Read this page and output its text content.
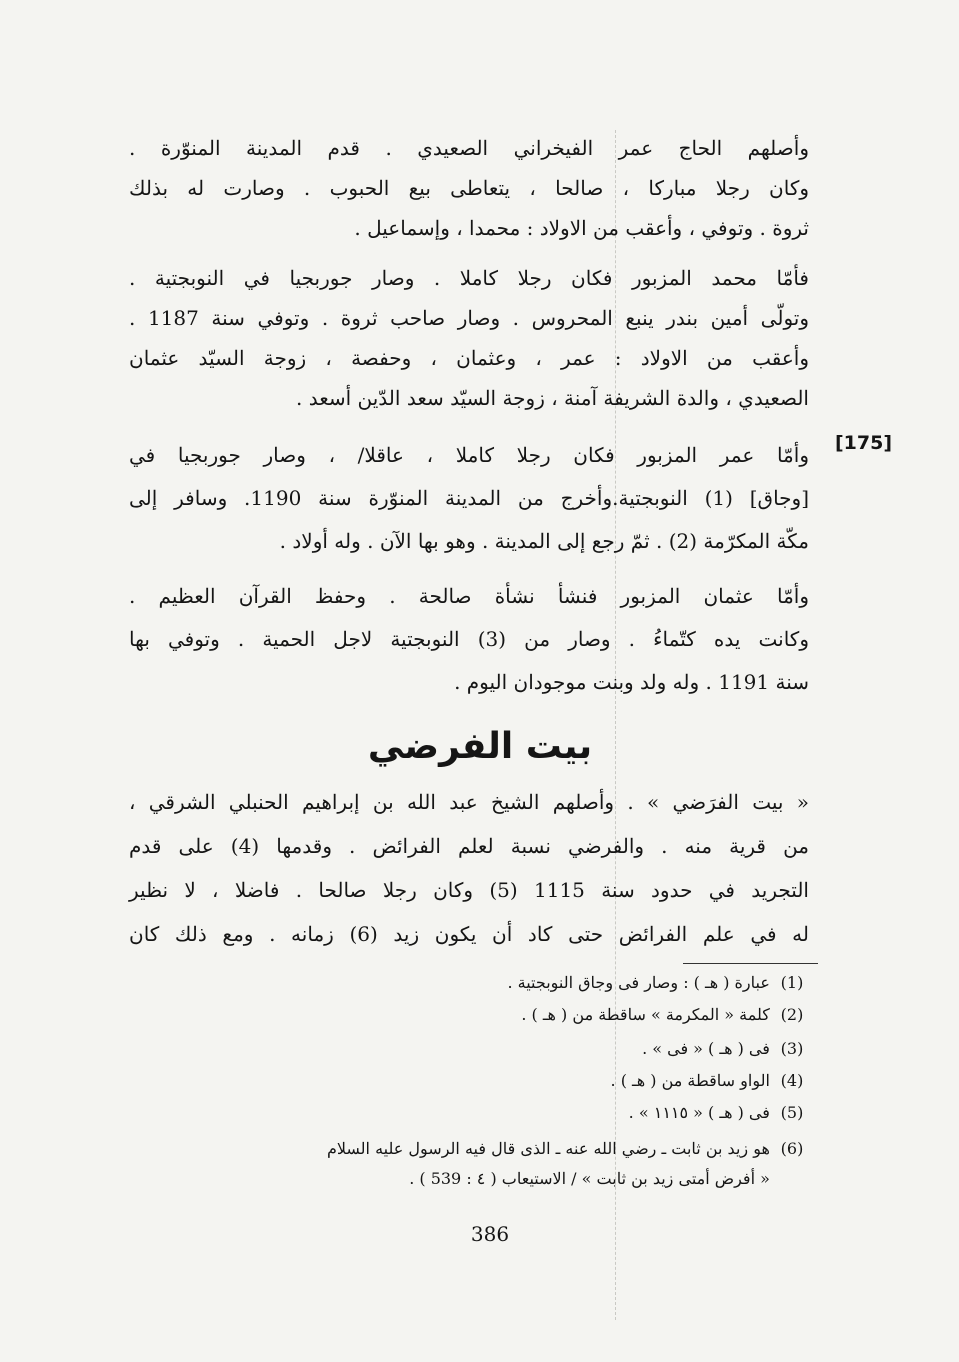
وأصلهم الحاج عمر الفيخراني الصعيدي . قدم المدينة المنوّرة .
وكان رجلا مباركا ، صالحا ، يتعاطى بيع الحبوب . وصارت له بذلك
ثروة . وتوفي ، وأعقب من الاولاد : محمدا ، وإسماعيل .
فأمّا محمد المزبور فكان رجلا كاملا . وصار جوربجيا في النوبجتية .
وتولّى أمين بندر ينبع المحروس . وصار صاحب ثروة . وتوفي سنة 1187 .
وأعقب من الاولاد : عمر ، وعثمان ، وحفصة ، زوجة السيّد عثمان
الصعيدي ، والدة الشريفة آمنة ، زوجة السيّد سعد الدّين أسعد .
وأمّا عمر المزبور فكان رجلا كاملا ، عاقلا/ ، وصار جوربجيا في
[وجاق] (1) النوبجتية.وأخرج من المدينة المنوّرة سنة 1190. وسافر إلى
مكّة المكرّمة (2) . ثمّ رجع إلى المدينة . وهو بها الآن . وله أولاد .
وأمّا عثمان المزبور فنشأ نشأة صالحة . وحفظ القرآن العظيم .
وكانت يده كتّماءُ . وصار من (3) النوبجتية لاجل الحمية . وتوفي بها
سنة 1191 . وله ولد وبنت موجودان اليوم .
[175]
بيت الفرضي
« بيت الفرَضي » . وأصلهم الشيخ عبد الله بن إبراهيم الحنبلي الشرقي ،
من قرية منه . والفرضي نسبة لعلم الفرائض . وقدمها (4) على قدم
التجريد في حدود سنة 1115 (5) وكان رجلا صالحا . فاضلا ، لا نظير
له في علم الفرائض حتى كاد أن يكون زيد (6) زمانه . ومع ذلك كان
(1) عبارة ( هـ ) : وصار فى وجاق النوبجتية .
(2) كلمة « المكرمة » ساقطة من ( هـ ) .
(3) فى ( هـ ) « فى » .
(4) الواو ساقطة من ( هـ ) .
(5) فى ( هـ ) « ١١١٥ » .
(6) هو زيد بن ثابت ـ رضي الله عنه ـ الذى قال فيه الرسول عليه السلام
« أفرض أمتى زيد بن ثابت » / الاستيعاب ( ٤ : 539 ) .
386
